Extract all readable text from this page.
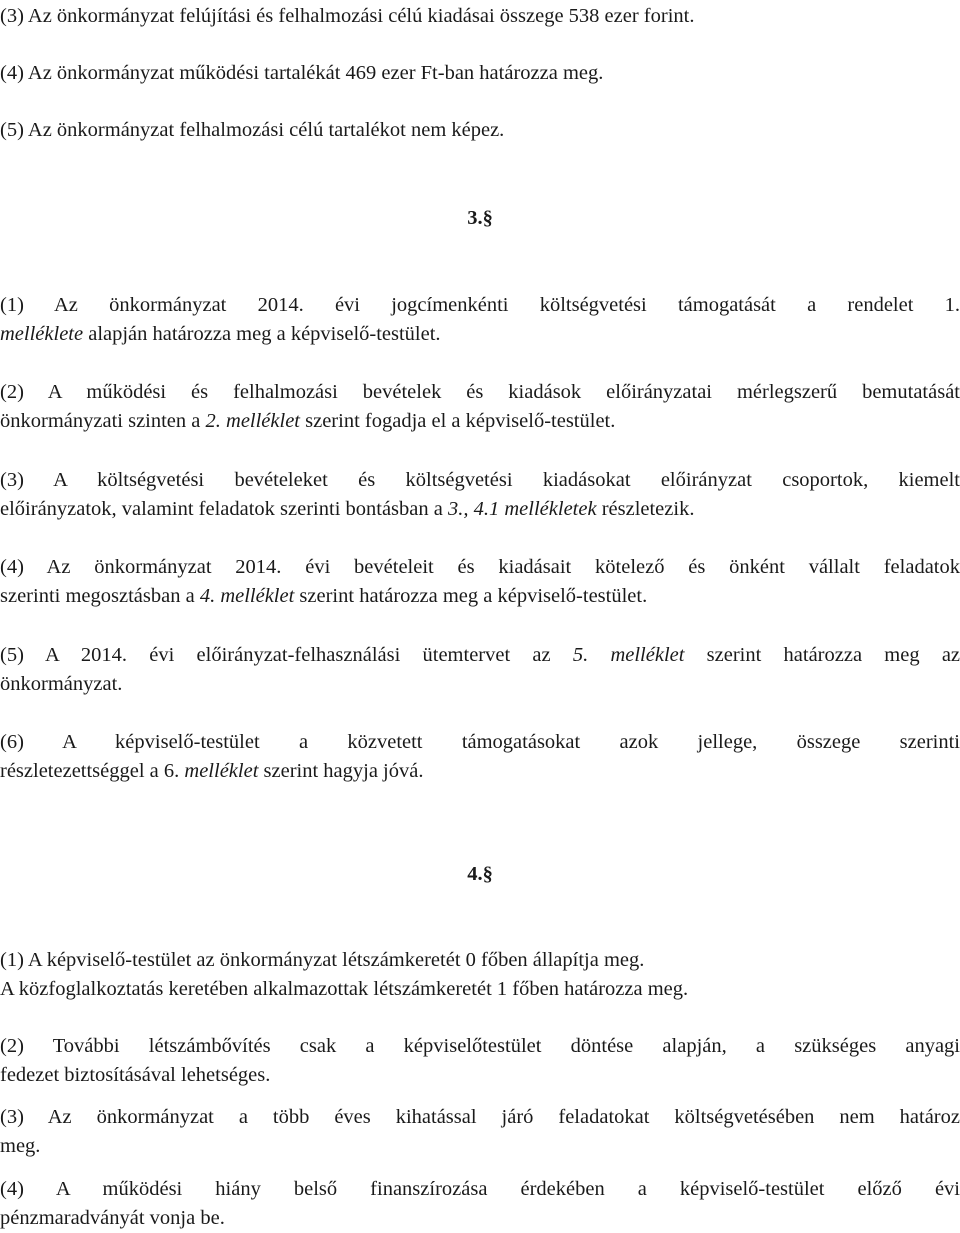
(3) Az önkormányzat felújítási és felhalmozási célú kiadásai összege 538 ezer forint.

(4) Az önkormányzat működési tartalékát 469 ezer Ft-ban határozza meg.

(5) Az önkormányzat felhalmozási célú tartalékot nem képez.

3.§

(1) Az önkormányzat 2014. évi jogcímenkénti költségvetési támogatását a rendelet 1.
melléklete alapján határozza meg a képviselő-testület.
(2) A működési és felhalmozási bevételek és kiadások előirányzatai mérlegszerű bemutatását
önkormányzati szinten a 2. melléklet szerint fogadja el a képviselő-testület.
(3) A költségvetési bevételeket és költségvetési kiadásokat előirányzat csoportok, kiemelt
előirányzatok, valamint feladatok szerinti bontásban a 3., 4.1 mellékletek részletezik.
(4) Az önkormányzat 2014. évi bevételeit és kiadásait kötelező és önként vállalt feladatok
szerinti megosztásban a 4. melléklet szerint határozza meg a képviselő-testület.
(5) A 2014. évi előirányzat-felhasználási ütemtervet az 5. melléklet szerint határozza meg az
önkormányzat.
(6) A képviselő-testület a közvetett támogatásokat azok jellege, összege szerinti
részletezettséggel a 6. melléklet szerint hagyja jóvá.

4.§

(1) A képviselő-testület az önkormányzat létszámkeretét 0 főben állapítja meg.
A közfoglalkoztatás keretében alkalmazottak létszámkeretét 1 főben határozza meg.
(2) További létszámbővítés csak a képviselőtestület döntése alapján, a szükséges anyagi
fedezet biztosításával lehetséges.
(3) Az önkormányzat a több éves kihatással járó feladatokat költségvetésében nem határoz
meg.
(4) A működési hiány belső finanszírozása érdekében a képviselő-testület előző évi
pénzmaradványát vonja be.
